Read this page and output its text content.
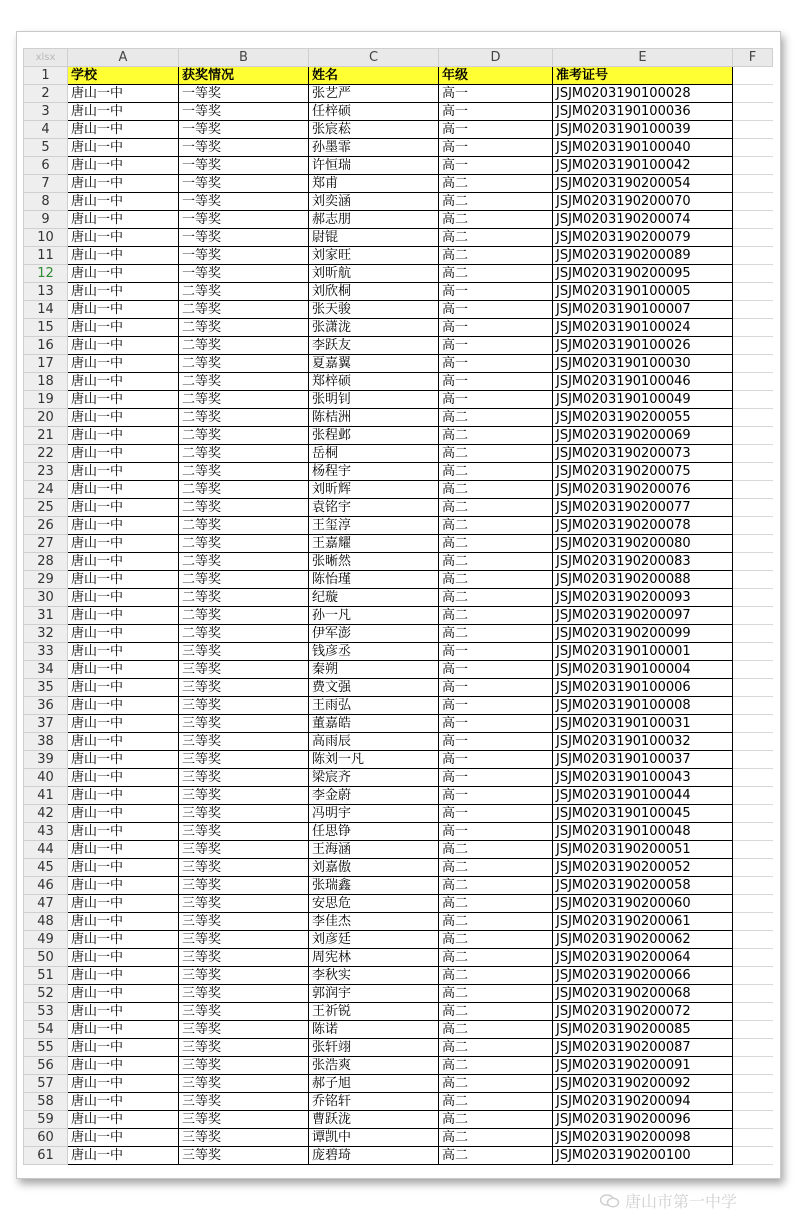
xlsx	A	B	C	D	E	F
1	学校	获奖情况	姓名	年级	准考证号	
2	唐山一中	一等奖	张艺严	高一	JSJM0203190100028	
3	唐山一中	一等奖	任梓硕	高一	JSJM0203190100036	
4	唐山一中	一等奖	张宸菘	高一	JSJM0203190100039	
5	唐山一中	一等奖	孙墨霏	高一	JSJM0203190100040	
6	唐山一中	一等奖	许恒瑞	高一	JSJM0203190100042	
7	唐山一中	一等奖	郑甫	高二	JSJM0203190200054	
8	唐山一中	一等奖	刘奕涵	高二	JSJM0203190200070	
9	唐山一中	一等奖	郝志朋	高二	JSJM0203190200074	
10	唐山一中	一等奖	尉锟	高二	JSJM0203190200079	
11	唐山一中	一等奖	刘家旺	高二	JSJM0203190200089	
12	唐山一中	一等奖	刘昕航	高二	JSJM0203190200095	
13	唐山一中	二等奖	刘欣桐	高一	JSJM0203190100005	
14	唐山一中	二等奖	张天骏	高一	JSJM0203190100007	
15	唐山一中	二等奖	张潇泷	高一	JSJM0203190100024	
16	唐山一中	二等奖	李跃友	高一	JSJM0203190100026	
17	唐山一中	二等奖	夏嘉翼	高一	JSJM0203190100030	
18	唐山一中	二等奖	郑梓硕	高一	JSJM0203190100046	
19	唐山一中	二等奖	张明钊	高一	JSJM0203190100049	
20	唐山一中	二等奖	陈桔洲	高二	JSJM0203190200055	
21	唐山一中	二等奖	张程邺	高二	JSJM0203190200069	
22	唐山一中	二等奖	岳桐	高二	JSJM0203190200073	
23	唐山一中	二等奖	杨程宇	高二	JSJM0203190200075	
24	唐山一中	二等奖	刘昕辉	高二	JSJM0203190200076	
25	唐山一中	二等奖	袁铭宇	高二	JSJM0203190200077	
26	唐山一中	二等奖	王玺淳	高二	JSJM0203190200078	
27	唐山一中	二等奖	王嘉耀	高二	JSJM0203190200080	
28	唐山一中	二等奖	张晰然	高二	JSJM0203190200083	
29	唐山一中	二等奖	陈怡瑾	高二	JSJM0203190200088	
30	唐山一中	二等奖	纪璇	高二	JSJM0203190200093	
31	唐山一中	二等奖	孙一凡	高二	JSJM0203190200097	
32	唐山一中	二等奖	伊军澎	高二	JSJM0203190200099	
33	唐山一中	三等奖	钱彦丞	高一	JSJM0203190100001	
34	唐山一中	三等奖	秦朔	高一	JSJM0203190100004	
35	唐山一中	三等奖	费文强	高一	JSJM0203190100006	
36	唐山一中	三等奖	王雨弘	高一	JSJM0203190100008	
37	唐山一中	三等奖	董嘉皓	高一	JSJM0203190100031	
38	唐山一中	三等奖	高雨辰	高一	JSJM0203190100032	
39	唐山一中	三等奖	陈刘一凡	高一	JSJM0203190100037	
40	唐山一中	三等奖	梁宸齐	高一	JSJM0203190100043	
41	唐山一中	三等奖	李金蔚	高一	JSJM0203190100044	
42	唐山一中	三等奖	冯明宇	高一	JSJM0203190100045	
43	唐山一中	三等奖	任思铮	高一	JSJM0203190100048	
44	唐山一中	三等奖	王海涵	高二	JSJM0203190200051	
45	唐山一中	三等奖	刘嘉傲	高二	JSJM0203190200052	
46	唐山一中	三等奖	张瑞鑫	高二	JSJM0203190200058	
47	唐山一中	三等奖	安思危	高二	JSJM0203190200060	
48	唐山一中	三等奖	李佳杰	高二	JSJM0203190200061	
49	唐山一中	三等奖	刘彦廷	高二	JSJM0203190200062	
50	唐山一中	三等奖	周宪林	高二	JSJM0203190200064	
51	唐山一中	三等奖	李秋实	高二	JSJM0203190200066	
52	唐山一中	三等奖	郭润宇	高二	JSJM0203190200068	
53	唐山一中	三等奖	王祈锐	高二	JSJM0203190200072	
54	唐山一中	三等奖	陈诺	高二	JSJM0203190200085	
55	唐山一中	三等奖	张轩翊	高二	JSJM0203190200087	
56	唐山一中	三等奖	张浩爽	高二	JSJM0203190200091	
57	唐山一中	三等奖	郝子旭	高二	JSJM0203190200092	
58	唐山一中	三等奖	乔铭轩	高二	JSJM0203190200094	
59	唐山一中	三等奖	曹跃泷	高二	JSJM0203190200096	
60	唐山一中	三等奖	谭凯中	高二	JSJM0203190200098	
61	唐山一中	三等奖	庞碧琦	高二	JSJM0203190200100	
唐山市第一中学
